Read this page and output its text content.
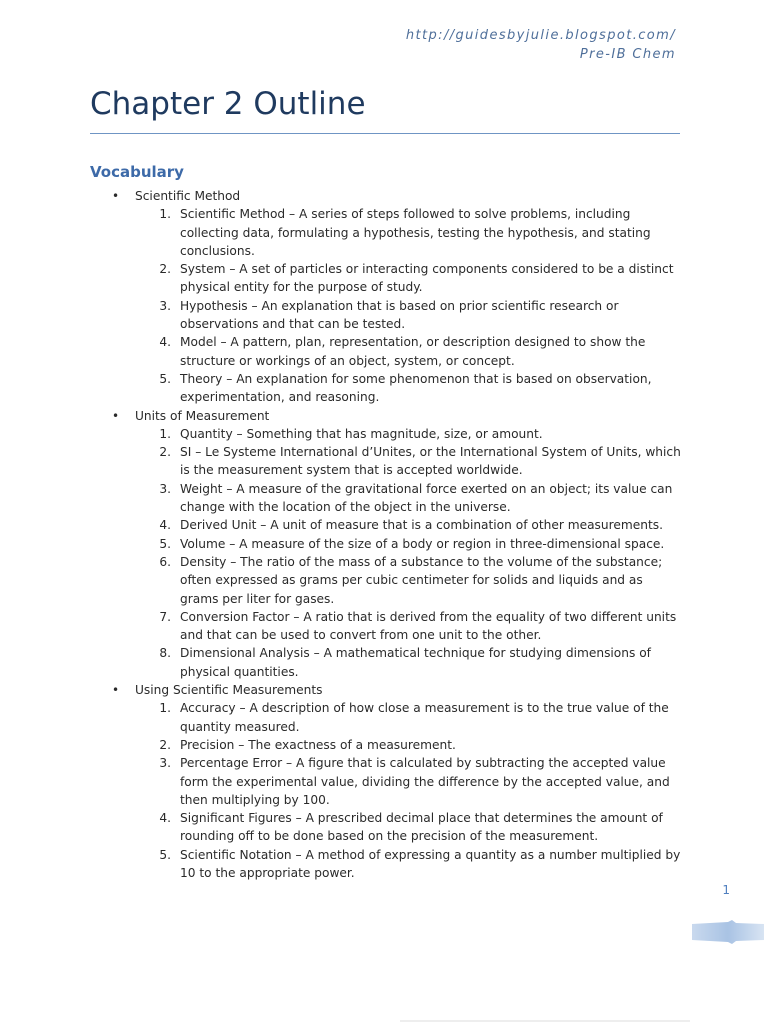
http://guidesbyjulie.blogspot.com/
Pre-IB Chem
Chapter 2 Outline
Vocabulary
• Scientific Method
1. Scientific Method – A series of steps followed to solve problems, including collecting data, formulating a hypothesis, testing the hypothesis, and stating conclusions.
2. System – A set of particles or interacting components considered to be a distinct physical entity for the purpose of study.
3. Hypothesis – An explanation that is based on prior scientific research or observations and that can be tested.
4. Model – A pattern, plan, representation, or description designed to show the structure or workings of an object, system, or concept.
5. Theory – An explanation for some phenomenon that is based on observation, experimentation, and reasoning.
• Units of Measurement
1. Quantity – Something that has magnitude, size, or amount.
2. SI – Le Systeme International d’Unites, or the International System of Units, which is the measurement system that is accepted worldwide.
3. Weight – A measure of the gravitational force exerted on an object; its value can change with the location of the object in the universe.
4. Derived Unit – A unit of measure that is a combination of other measurements.
5. Volume – A measure of the size of a body or region in three-dimensional space.
6. Density – The ratio of the mass of a substance to the volume of the substance; often expressed as grams per cubic centimeter for solids and liquids and as grams per liter for gases.
7. Conversion Factor – A ratio that is derived from the equality of two different units and that can be used to convert from one unit to the other.
8. Dimensional Analysis – A mathematical technique for studying dimensions of physical quantities.
• Using Scientific Measurements
1. Accuracy – A description of how close a measurement is to the true value of the quantity measured.
2. Precision – The exactness of a measurement.
3. Percentage Error – A figure that is calculated by subtracting the accepted value form the experimental value, dividing the difference by the accepted value, and then multiplying by 100.
4. Significant Figures – A prescribed decimal place that determines the amount of rounding off to be done based on the precision of the measurement.
5. Scientific Notation – A method of expressing a quantity as a number multiplied by 10 to the appropriate power.
1
